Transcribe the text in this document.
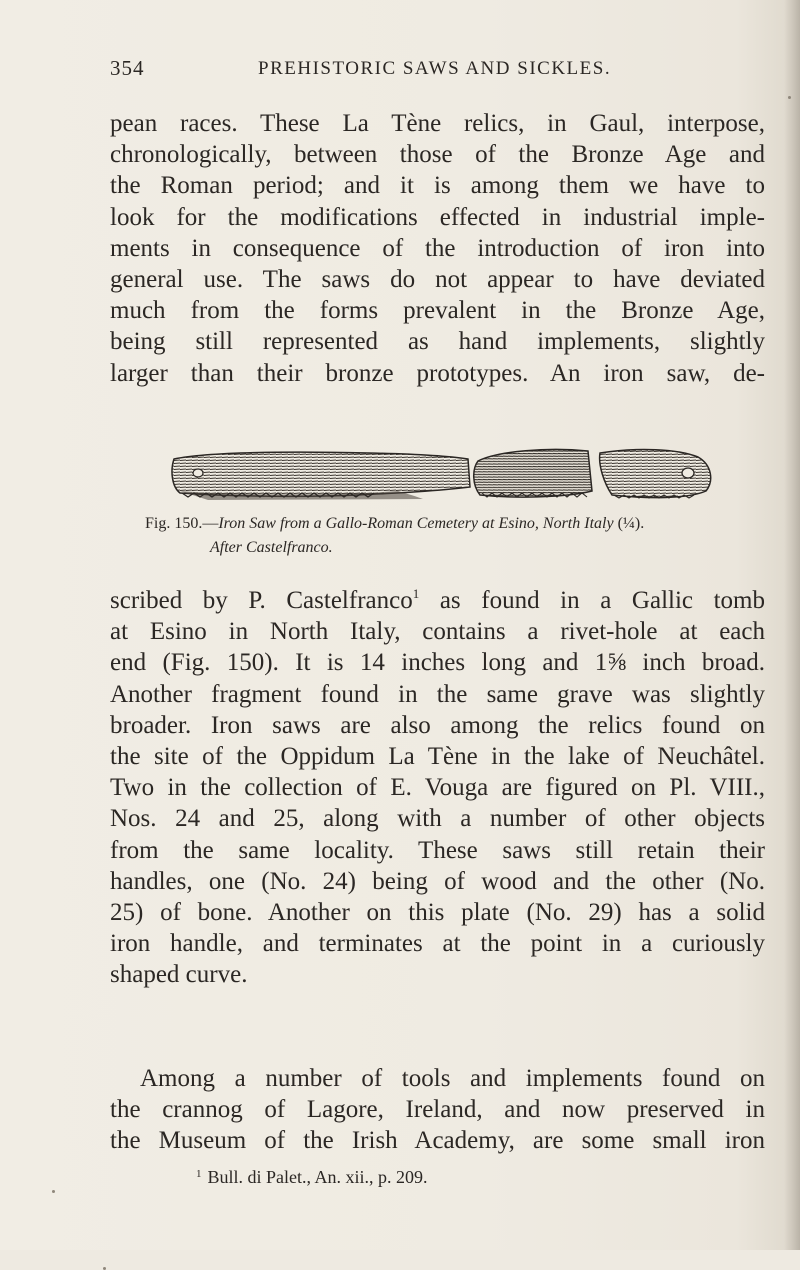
354	PREHISTORIC SAWS AND SICKLES.

pean races. These La Tène relics, in Gaul, interpose,
chronologically, between those of the Bronze Age and
the Roman period; and it is among them we have to
look for the modifications effected in industrial imple-
ments in consequence of the introduction of iron into
general use. The saws do not appear to have deviated
much from the forms prevalent in the Bronze Age,
being still represented as hand implements, slightly
larger than their bronze prototypes. An iron saw, de-

Fig. 150.—Iron Saw from a Gallo-Roman Cemetery at Esino, North Italy (¼).
After Castelfranco.

scribed by P. Castelfranco$^1$ as found in a Gallic tomb
at Esino in North Italy, contains a rivet-hole at each
end (Fig. 150). It is 14 inches long and 1⅝ inch broad.
Another fragment found in the same grave was slightly
broader. Iron saws are also among the relics found on
the site of the Oppidum La Tène in the lake of Neuchâtel.
Two in the collection of E. Vouga are figured on Pl. VIII.,
Nos. 24 and 25, along with a number of other objects
from the same locality. These saws still retain their
handles, one (No. 24) being of wood and the other (No.
25) of bone. Another on this plate (No. 29) has a solid
iron handle, and terminates at the point in a curiously
shaped curve.

Among a number of tools and implements found on
the crannog of Lagore, Ireland, and now preserved in
the Museum of the Irish Academy, are some small iron

$^1$ Bull. di Palet., An. xii., p. 209.
